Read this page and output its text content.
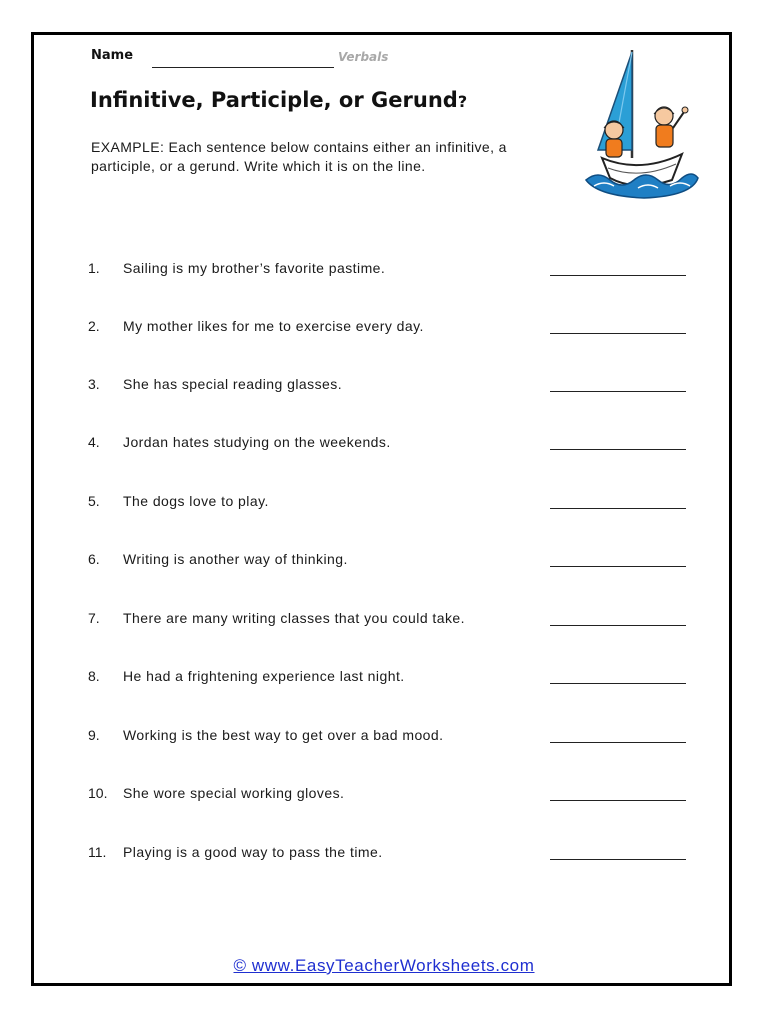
Name	Verbals
Infinitive, Participle, or Gerund?
EXAMPLE: Each sentence below contains either an infinitive, a participle, or a gerund. Write which it is on the line.
1.	Sailing is my brother’s favorite pastime.
2.	My mother likes for me to exercise every day.
3.	She has special reading glasses.
4.	Jordan hates studying on the weekends.
5.	The dogs love to play.
6.	Writing is another way of thinking.
7.	There are many writing classes that you could take.
8.	He had a frightening experience last night.
9.	Working is the best way to get over a bad mood.
10.	She wore special working gloves.
11.	Playing is a good way to pass the time.
© www.EasyTeacherWorksheets.com
